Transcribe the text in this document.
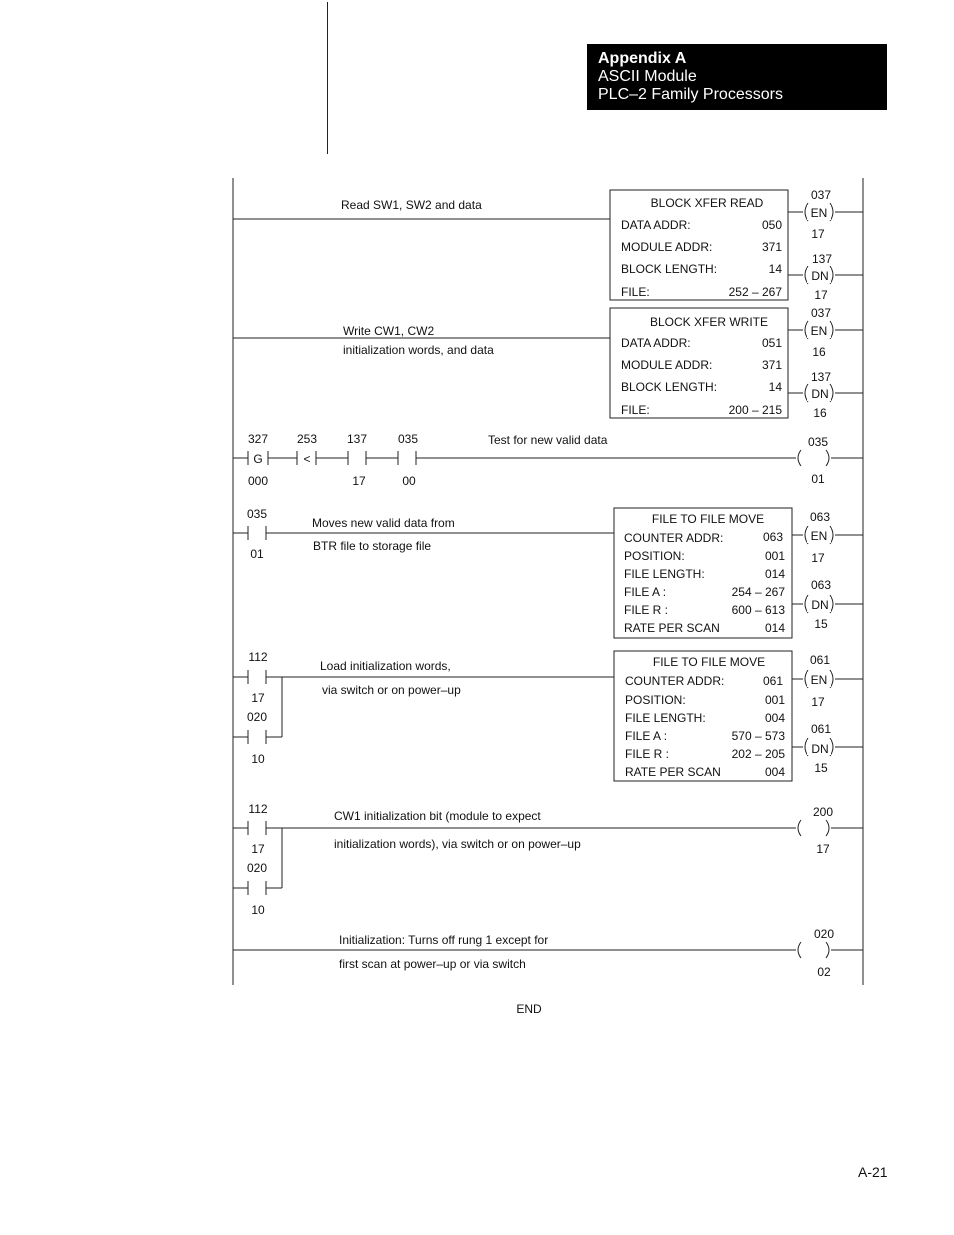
Appendix A
ASCII Module
PLC–2 Family Processors
Read SW1, SW2 and data	BLOCK XFER READ
DATA ADDR:	050
MODULE ADDR:	371
BLOCK LENGTH:	14
FILE:	252 – 267
037
EN
17
137
DN
17
Write CW1, CW2
initialization words, and data
BLOCK XFER WRITE
DATA ADDR:	051
MODULE ADDR:	371
BLOCK LENGTH:	14
FILE:	200 – 215
037
EN
16
137
DN
16
327
G
000
253
<
137
17
035
00
Test for new valid data	035
01
035
01
Moves new valid data from
BTR file to storage file
FILE TO FILE MOVE
COUNTER ADDR:	063
POSITION:	001
FILE LENGTH:	014
FILE A :	254 – 267
FILE R :	600 – 613
RATE PER SCAN	014
063
EN
17
063
DN
15
112
17
020
10
Load initialization words,
via switch or on power–up
FILE TO FILE MOVE
COUNTER ADDR:	061
POSITION:	001
FILE LENGTH:	004
FILE A :	570 – 573
FILE R :	202 – 205
RATE PER SCAN	004
061
EN
17
061
DN
15
112
17
020
10
CW1 initialization bit (module to expect
initialization words), via switch or on power–up
200
17
Initialization: Turns off rung 1 except for
first scan at power–up or via switch
020
02
END
A-21
